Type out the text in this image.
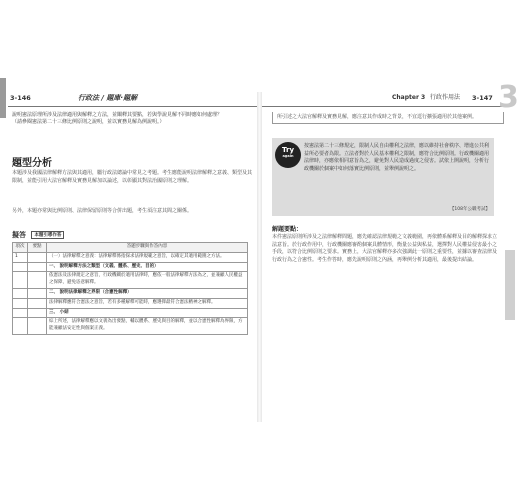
3-146	行政法 / 題庫·題解
說明憲法原理所涉及法律適用與解釋之方法，並闡釋其要點，若與學說見解不同時應如何處理？
（請參閱憲法第二十三條比例原則之說明，並以實務見解為例說明。）
題型分析
本題涉及我國法律解釋方法與其適用，屬行政法總論中常見之考題。考生應能說明法律解釋之意義、類型及其限制，並能引用大法官解釋及實務見解加以論述，以彰顯其對法治國原則之理解。
另外，本題亦常與比例原則、法律保留原則等合併出題，考生須注意其間之關係。
擬答 本題引導作答
項次	要點	答題步驟與作答內容
1		（一）法律解釋之意義：法律解釋係指探求法律規範之意旨，以確定其適用範圍之方法。
		一、 說明解釋方法之類型（文義、體系、歷史、目的）
		依憲法及法律規定之意旨，行政機關於適用法律時，應依一般法律解釋方法為之，並兼顧人民權益之保障，避免恣意解釋。
		二、 說明法律解釋之界限（合憲性解釋）
		法律解釋應符合憲法之意旨，若有多種解釋可能時，應選擇最符合憲法精神之解釋。
		三、 小結
		綜上所述，法律解釋應以文義為出發點，輔以體系、歷史與目的解釋，並以合憲性解釋為界限，方能兼顧法安定性與個案正義。
Chapter 3 行政作用法 3-147
所引述之大法官解釋及實務見解，應注意其作成時之背景，不宜逕行擴張適用於其他案例。
Try
again
按憲法第二十三條規定，限制人民自由權利之法律，應以維持社會秩序、增進公共利益所必要者為限。立法者對於人民基本權利之限制，應符合比例原則。行政機關適用法律時，亦應依相同意旨為之，避免對人民造成過度之侵害。試依上開說明，分析行政機關於個案中如何落實比例原則，並舉例說明之。
【108年公職考試】
解題要點：
本件憲法原則所涉及之法律解釋問題，應先確認法律規範之文義範圍，再依體系解釋及目的解釋探求立法意旨。於行政作用中，行政機關應審酌個案具體情形，衡量公益與私益，選擇對人民權益侵害最小之手段，以符合比例原則之要求。實務上，大法官解釋亦多次強調此一原則之重要性，並據以審查法律及行政行為之合憲性。考生作答時，應先說明原則之內涵，再舉例分析其適用，最後提出結論。
3
